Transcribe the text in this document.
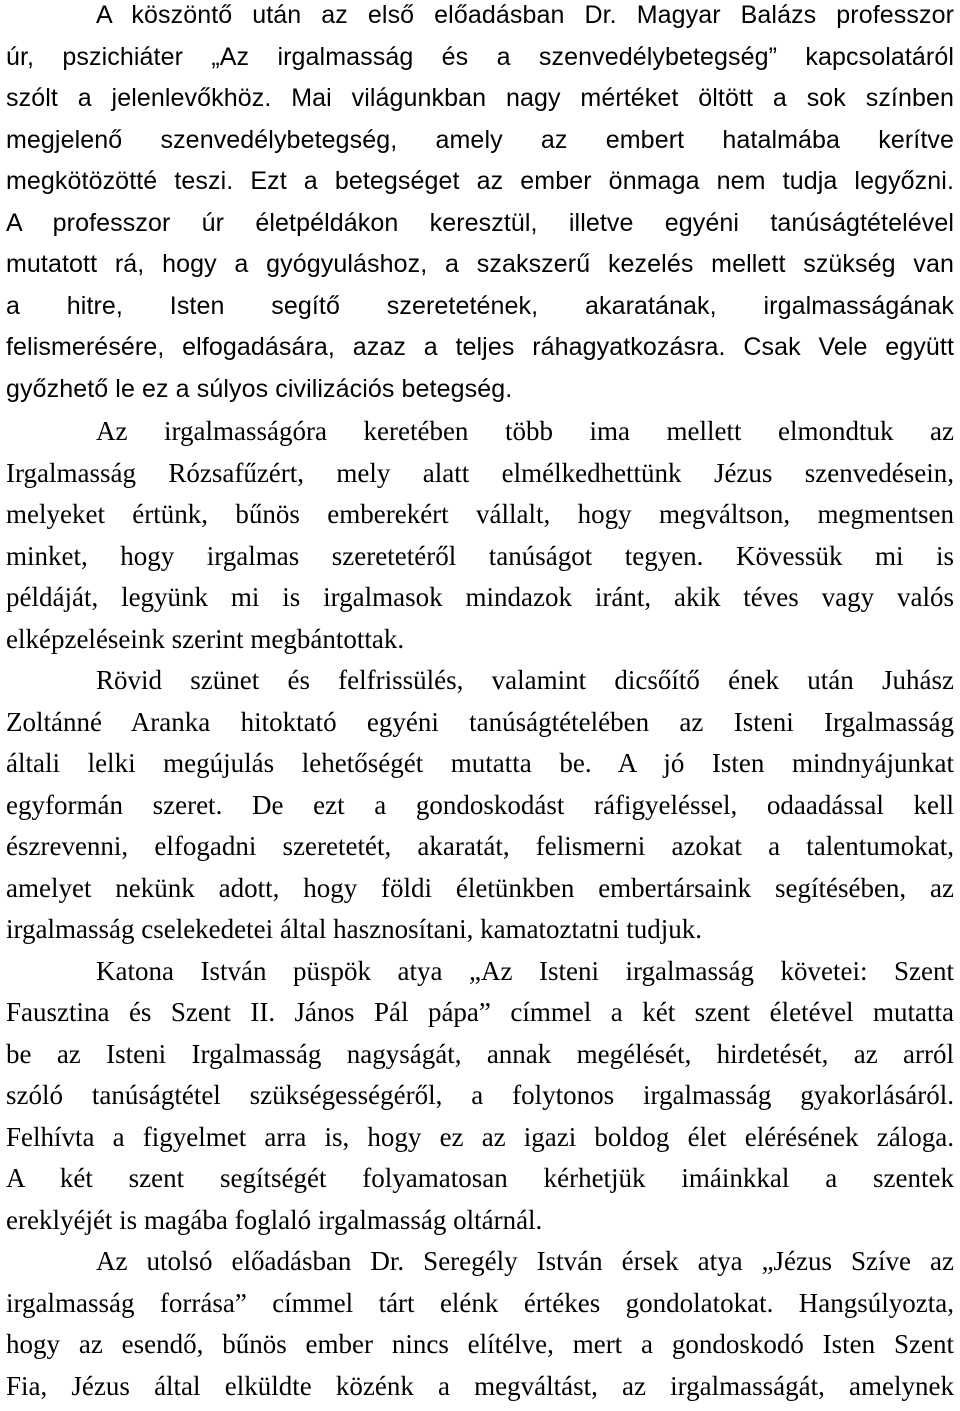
A köszöntő után az első előadásban Dr. Magyar Balázs professzor
úr, pszichiáter „Az irgalmasság és a szenvedélybetegség” kapcsolatáról
szólt a jelenlevőkhöz. Mai világunkban nagy mértéket öltött a sok színben
megjelenő szenvedélybetegség, amely az embert hatalmába kerítve
megkötözötté teszi. Ezt a betegséget az ember önmaga nem tudja legyőzni.
A professzor úr életpéldákon keresztül, illetve egyéni tanúságtételével
mutatott rá, hogy a gyógyuláshoz, a szakszerű kezelés mellett szükség van
a hitre, Isten segítő szeretetének, akaratának, irgalmasságának
felismerésére, elfogadására, azaz a teljes ráhagyatkozásra. Csak Vele együtt
győzhető le ez a súlyos civilizációs betegség.
Az irgalmasságóra keretében több ima mellett elmondtuk az
Irgalmasság Rózsafűzért, mely alatt elmélkedhettünk Jézus szenvedésein,
melyeket értünk, bűnös emberekért vállalt, hogy megváltson, megmentsen
minket, hogy irgalmas szeretetéről tanúságot tegyen. Kövessük mi is
példáját, legyünk mi is irgalmasok mindazok iránt, akik téves vagy valós
elképzeléseink szerint megbántottak.
Rövid szünet és felfrissülés, valamint dicsőítő ének után Juhász
Zoltánné Aranka hitoktató egyéni tanúságtételében az Isteni Irgalmasság
általi lelki megújulás lehetőségét mutatta be. A jó Isten mindnyájunkat
egyformán szeret. De ezt a gondoskodást ráfigyeléssel, odaadással kell
észrevenni, elfogadni szeretetét, akaratát, felismerni azokat a talentumokat,
amelyet nekünk adott, hogy földi életünkben embertársaink segítésében, az
irgalmasság cselekedetei által hasznosítani, kamatoztatni tudjuk.
Katona István püspök atya „Az Isteni irgalmasság követei: Szent
Fausztina és Szent II. János Pál pápa” címmel a két szent életével mutatta
be az Isteni Irgalmasság nagyságát, annak megélését, hirdetését, az arról
szóló tanúságtétel szükségességéről, a folytonos irgalmasság gyakorlásáról.
Felhívta a figyelmet arra is, hogy ez az igazi boldog élet elérésének záloga.
A két szent segítségét folyamatosan kérhetjük imáinkkal a szentek
ereklyéjét is magába foglaló irgalmasság oltárnál.
Az utolsó előadásban Dr. Seregély István érsek atya „Jézus Szíve az
irgalmasság forrása” címmel tárt elénk értékes gondolatokat. Hangsúlyozta,
hogy az esendő, bűnös ember nincs elítélve, mert a gondoskodó Isten Szent
Fia, Jézus által elküldte közénk a megváltást, az irgalmasságát, amelynek
